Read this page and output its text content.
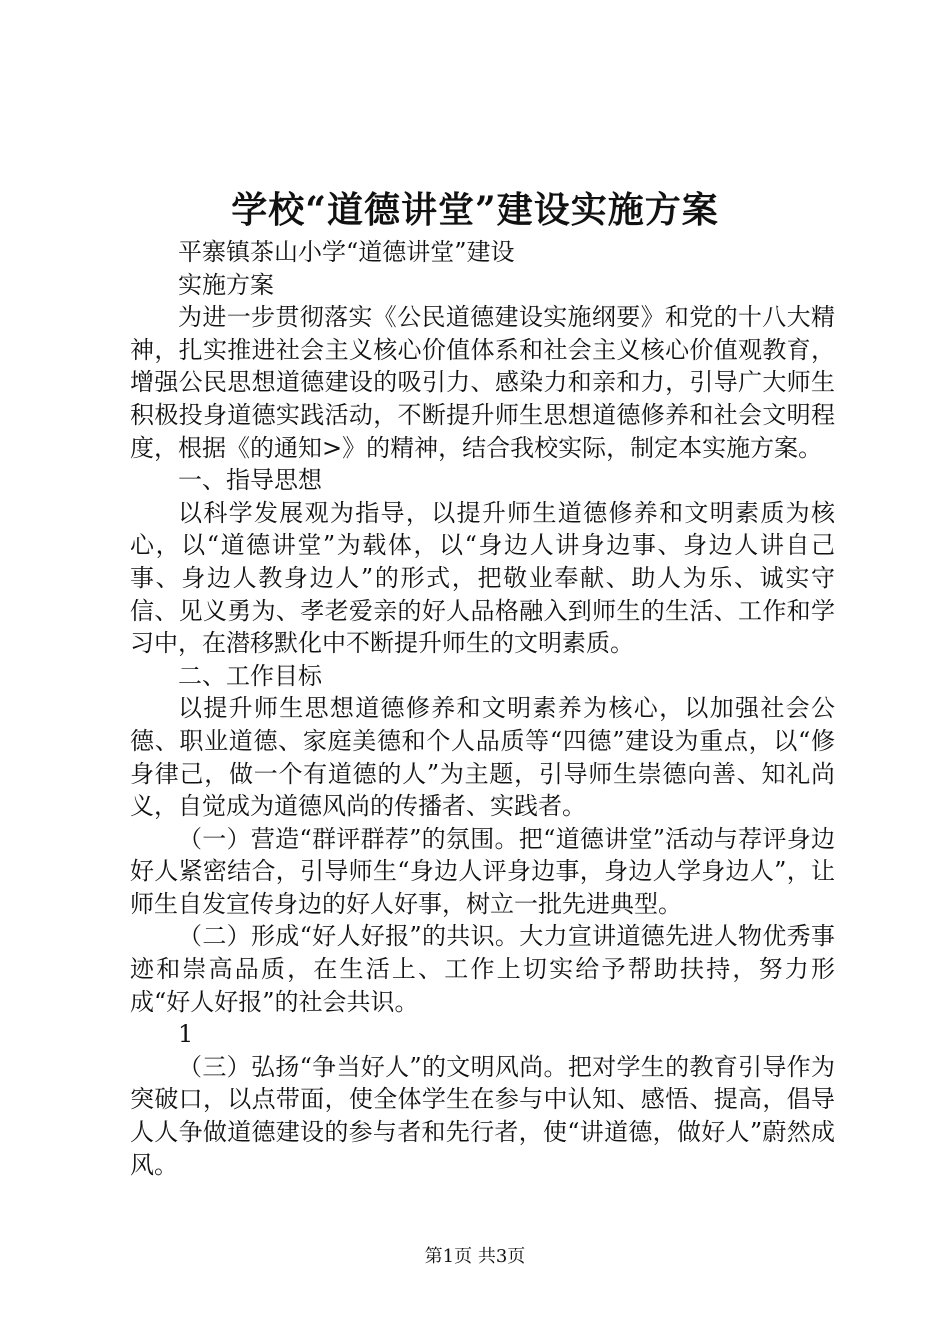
学校“道德讲堂”建设实施方案

平寨镇茶山小学“道德讲堂”建设

实施方案

为进一步贯彻落实《公民道德建设实施纲要》和党的十八大精神，扎实推进社会主义核心价值体系和社会主义核心价值观教育，增强公民思想道德建设的吸引力、感染力和亲和力，引导广大师生积极投身道德实践活动，不断提升师生思想道德修养和社会文明程度，根据《的通知>》的精神，结合我校实际，制定本实施方案。

一、指导思想

以科学发展观为指导，以提升师生道德修养和文明素质为核心，以“道德讲堂”为载体，以“身边人讲身边事、身边人讲自己事、身边人教身边人”的形式，把敬业奉献、助人为乐、诚实守信、见义勇为、孝老爱亲的好人品格融入到师生的生活、工作和学习中，在潜移默化中不断提升师生的文明素质。

二、工作目标

以提升师生思想道德修养和文明素养为核心，以加强社会公德、职业道德、家庭美德和个人品质等“四德”建设为重点，以“修身律己，做一个有道德的人”为主题，引导师生崇德向善、知礼尚义，自觉成为道德风尚的传播者、实践者。

（一）营造“群评群荐”的氛围。把“道德讲堂”活动与荐评身边好人紧密结合，引导师生“身边人评身边事，身边人学身边人”，让师生自发宣传身边的好人好事，树立一批先进典型。

（二）形成“好人好报”的共识。大力宣讲道德先进人物优秀事迹和崇高品质，在生活上、工作上切实给予帮助扶持，努力形成“好人好报”的社会共识。

1

（三）弘扬“争当好人”的文明风尚。把对学生的教育引导作为突破口，以点带面，使全体学生在参与中认知、感悟、提高，倡导人人争做道德建设的参与者和先行者，使“讲道德，做好人”蔚然成风。

第1页 共3页
